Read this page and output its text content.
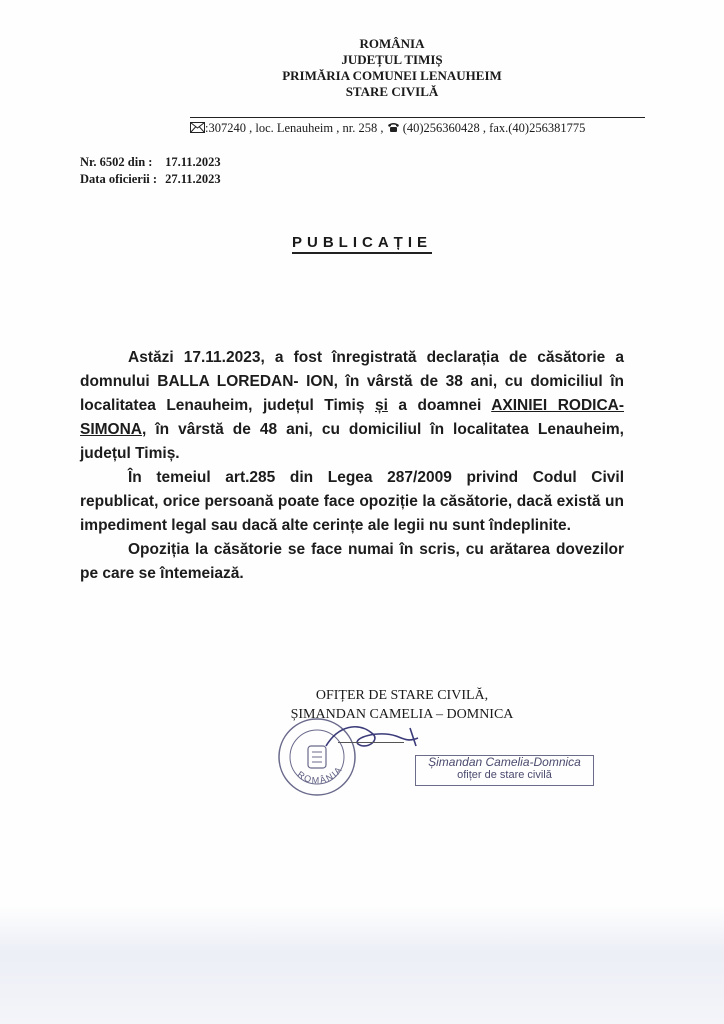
ROMÂNIA
JUDEȚUL TIMIȘ
PRIMĂRIA COMUNEI LENAUHEIM
STARE CIVILĂ
:307240 , loc. Lenauheim , nr. 258 , (40)256360428 , fax.(40)256381775
Nr. 6502 din : 17.11.2023
Data oficierii : 27.11.2023
PUBLICAȚIE

Astăzi 17.11.2023, a fost înregistrată declarația de căsătorie a domnului BALLA LOREDAN- ION, în vârstă de 38 ani, cu domiciliul în localitatea Lenauheim, județul Timiș și a doamnei AXINIEI RODICA- SIMONA, în vârstă de 48 ani, cu domiciliul în localitatea Lenauheim, județul Timiș.

În temeiul art.285 din Legea 287/2009 privind Codul Civil republicat, orice persoană poate face opoziție la căsătorie, dacă există un impediment legal sau dacă alte cerințe ale legii nu sunt îndeplinite.

Opoziția la căsătorie se face numai în scris, cu arătarea dovezilor pe care se întemeiază.

OFIȚER DE STARE CIVILĂ,
ȘIMANDAN CAMELIA – DOMNICA
ROMÂNIA
Șimandan Camelia-Domnica
ofițer de stare civilă
